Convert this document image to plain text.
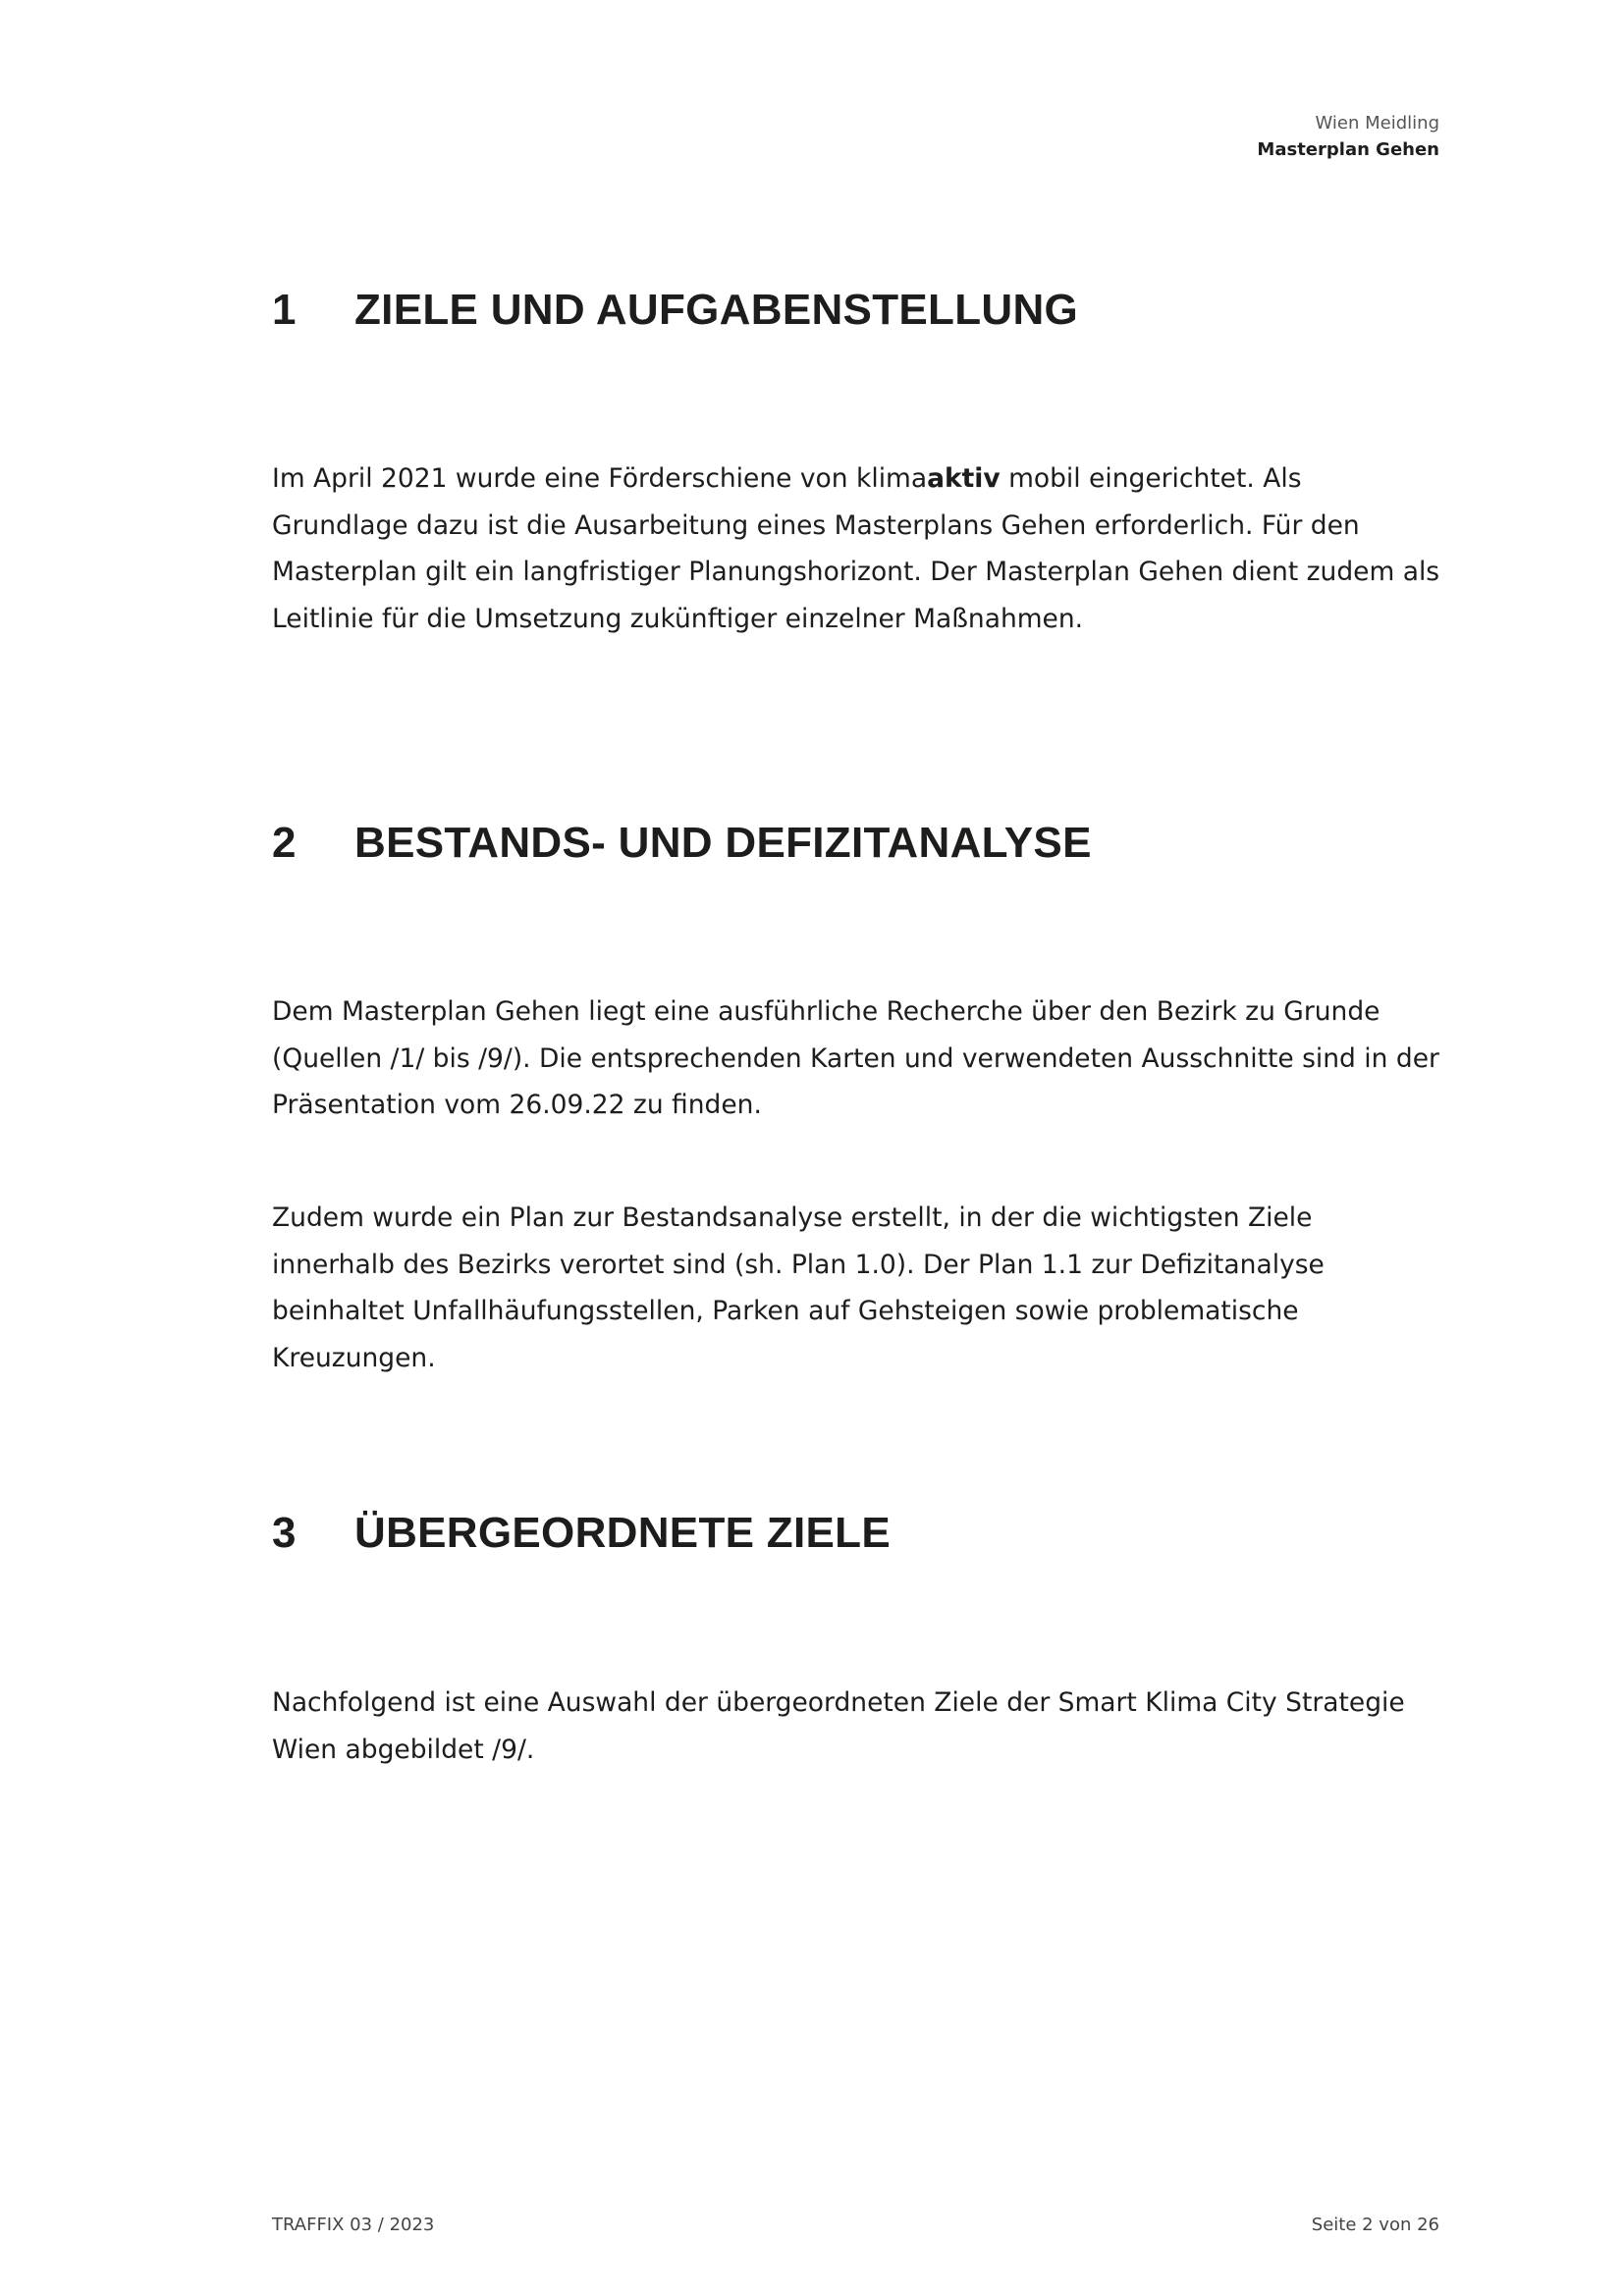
Wien Meidling
Masterplan Gehen
1 ZIELE UND AUFGABENSTELLUNG

Im April 2021 wurde eine Förderschiene von klimaaktiv mobil eingerichtet. Als Grundlage dazu ist die Ausarbeitung eines Masterplans Gehen erforderlich. Für den Masterplan gilt ein langfristiger Planungshorizont. Der Masterplan Gehen dient zudem als Leitlinie für die Umsetzung zukünftiger einzelner Maßnahmen.

2 BESTANDS- UND DEFIZITANALYSE

Dem Masterplan Gehen liegt eine ausführliche Recherche über den Bezirk zu Grunde (Quellen /1/ bis /9/). Die entsprechenden Karten und verwendeten Ausschnitte sind in der Präsentation vom 26.09.22 zu finden.

Zudem wurde ein Plan zur Bestandsanalyse erstellt, in der die wichtigsten Ziele innerhalb des Bezirks verortet sind (sh. Plan 1.0). Der Plan 1.1 zur Defizitanalyse beinhaltet Unfallhäufungsstellen, Parken auf Gehsteigen sowie problematische Kreuzungen.

3 ÜBERGEORDNETE ZIELE

Nachfolgend ist eine Auswahl der übergeordneten Ziele der Smart Klima City Strategie Wien abgebildet /9/.

TRAFFIX 03 / 2023	Seite 2 von 26
